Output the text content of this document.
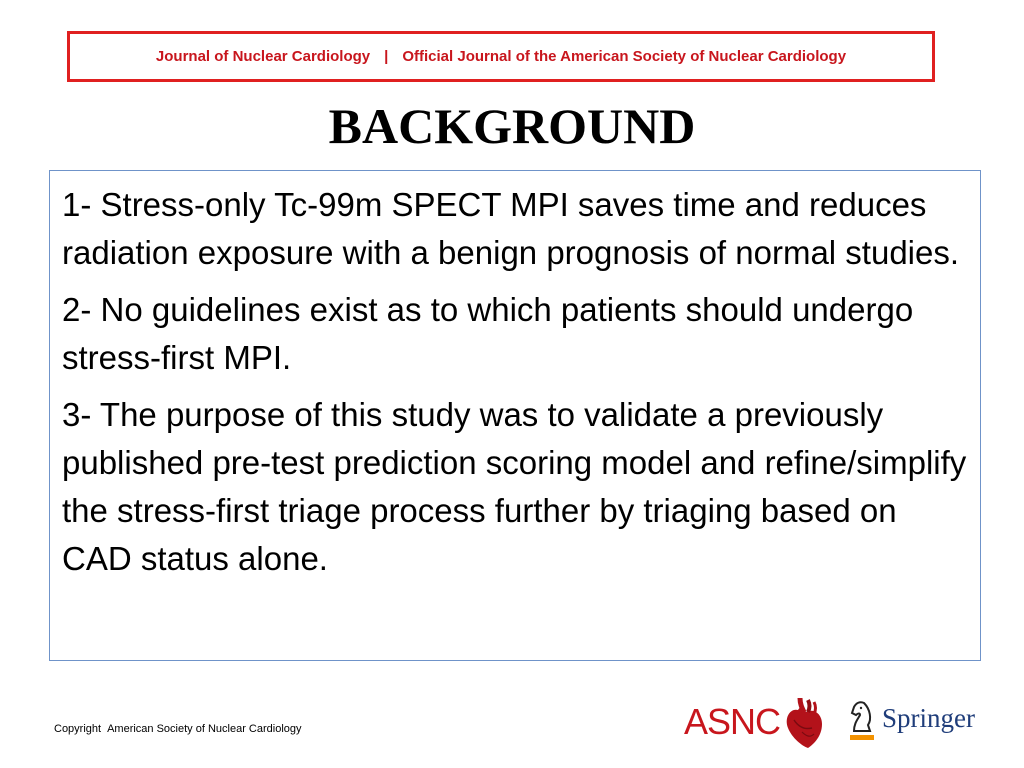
Journal of Nuclear Cardiology | Official Journal of the American Society of Nuclear Cardiology
BACKGROUND

1- Stress-only Tc-99m SPECT MPI saves time and reduces radiation exposure with a benign prognosis of normal studies.

2- No guidelines exist as to which patients should undergo stress-first MPI.

3- The purpose of this study was to validate a previously published pre-test prediction scoring model and refine/simplify the stress-first triage process further by triaging based on CAD status alone.

Copyright American Society of Nuclear Cardiology	ASNC	Springer
